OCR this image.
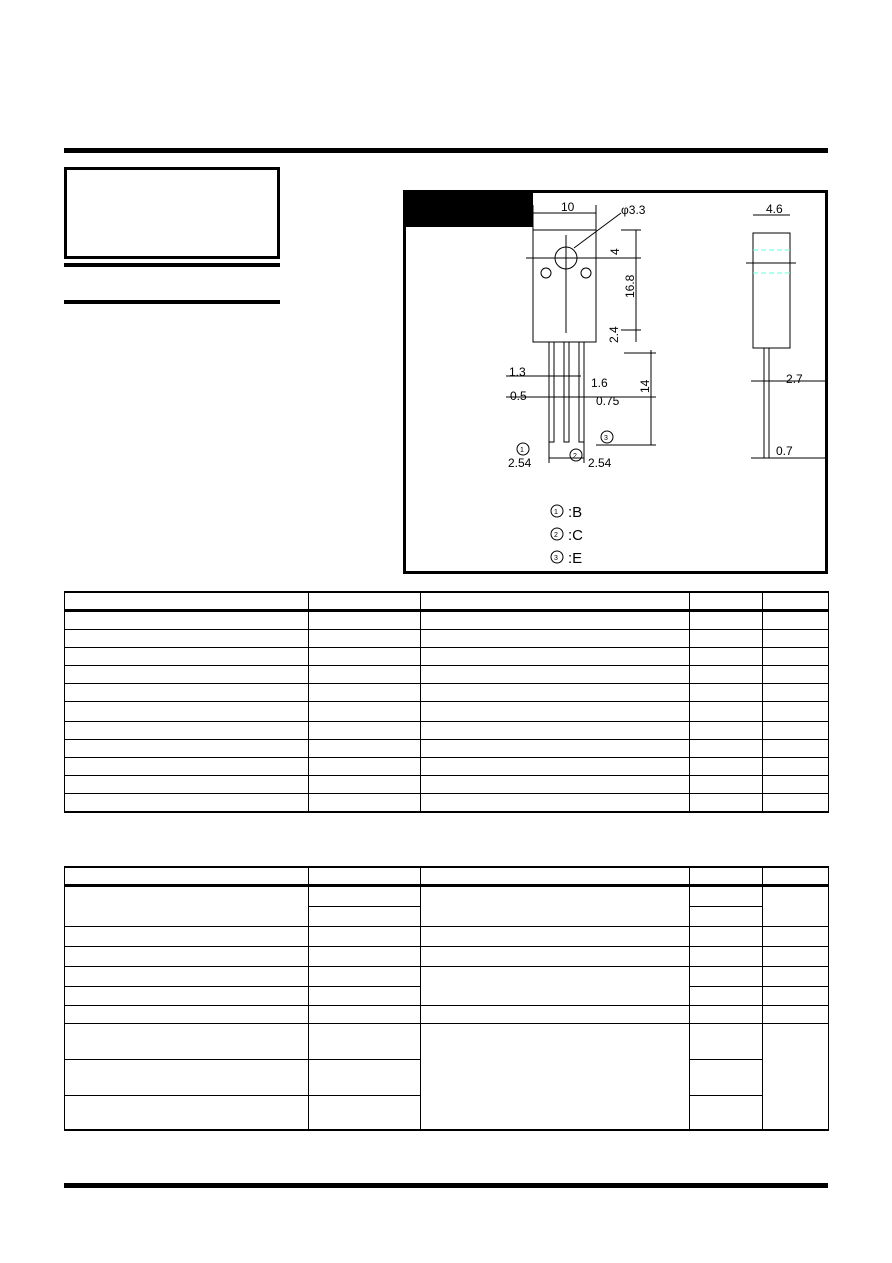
10	φ3.3	4.6
4
16.8
2.4
14
1.3
1.6
0.5	0.75
2.54	2.54
2.7
0.7
1
2
3
1 :B
2 :C
3 :E
